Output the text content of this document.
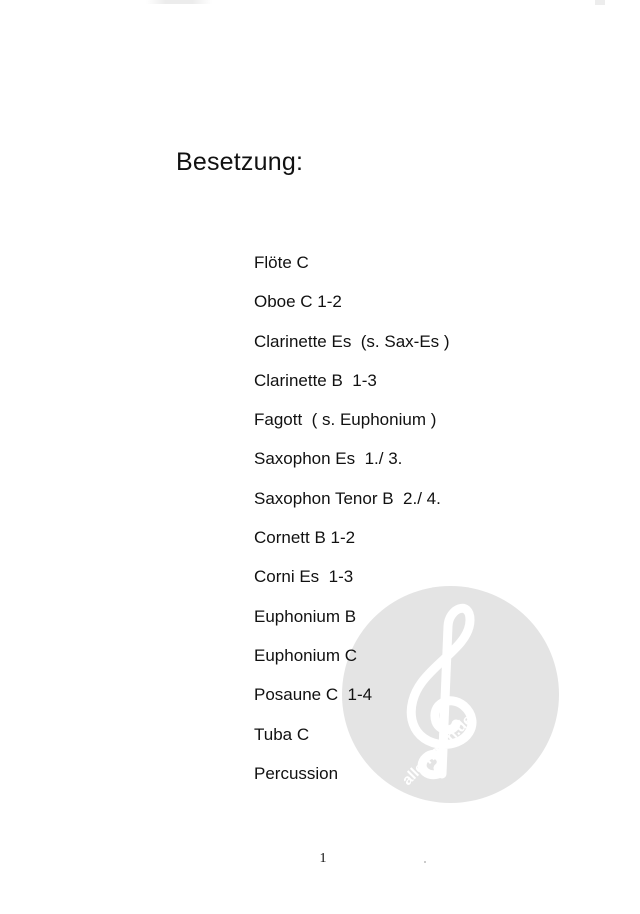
alle-noten.de
Besetzung:
Flöte C
Oboe C 1-2
Clarinette Es  (s. Sax-Es )
Clarinette B  1-3
Fagott  ( s. Euphonium )
Saxophon Es  1./ 3.
Saxophon Tenor B  2./ 4.
Cornett B 1-2
Corni Es  1-3
Euphonium B
Euphonium C
Posaune C  1-4
Tuba C
Percussion
1
